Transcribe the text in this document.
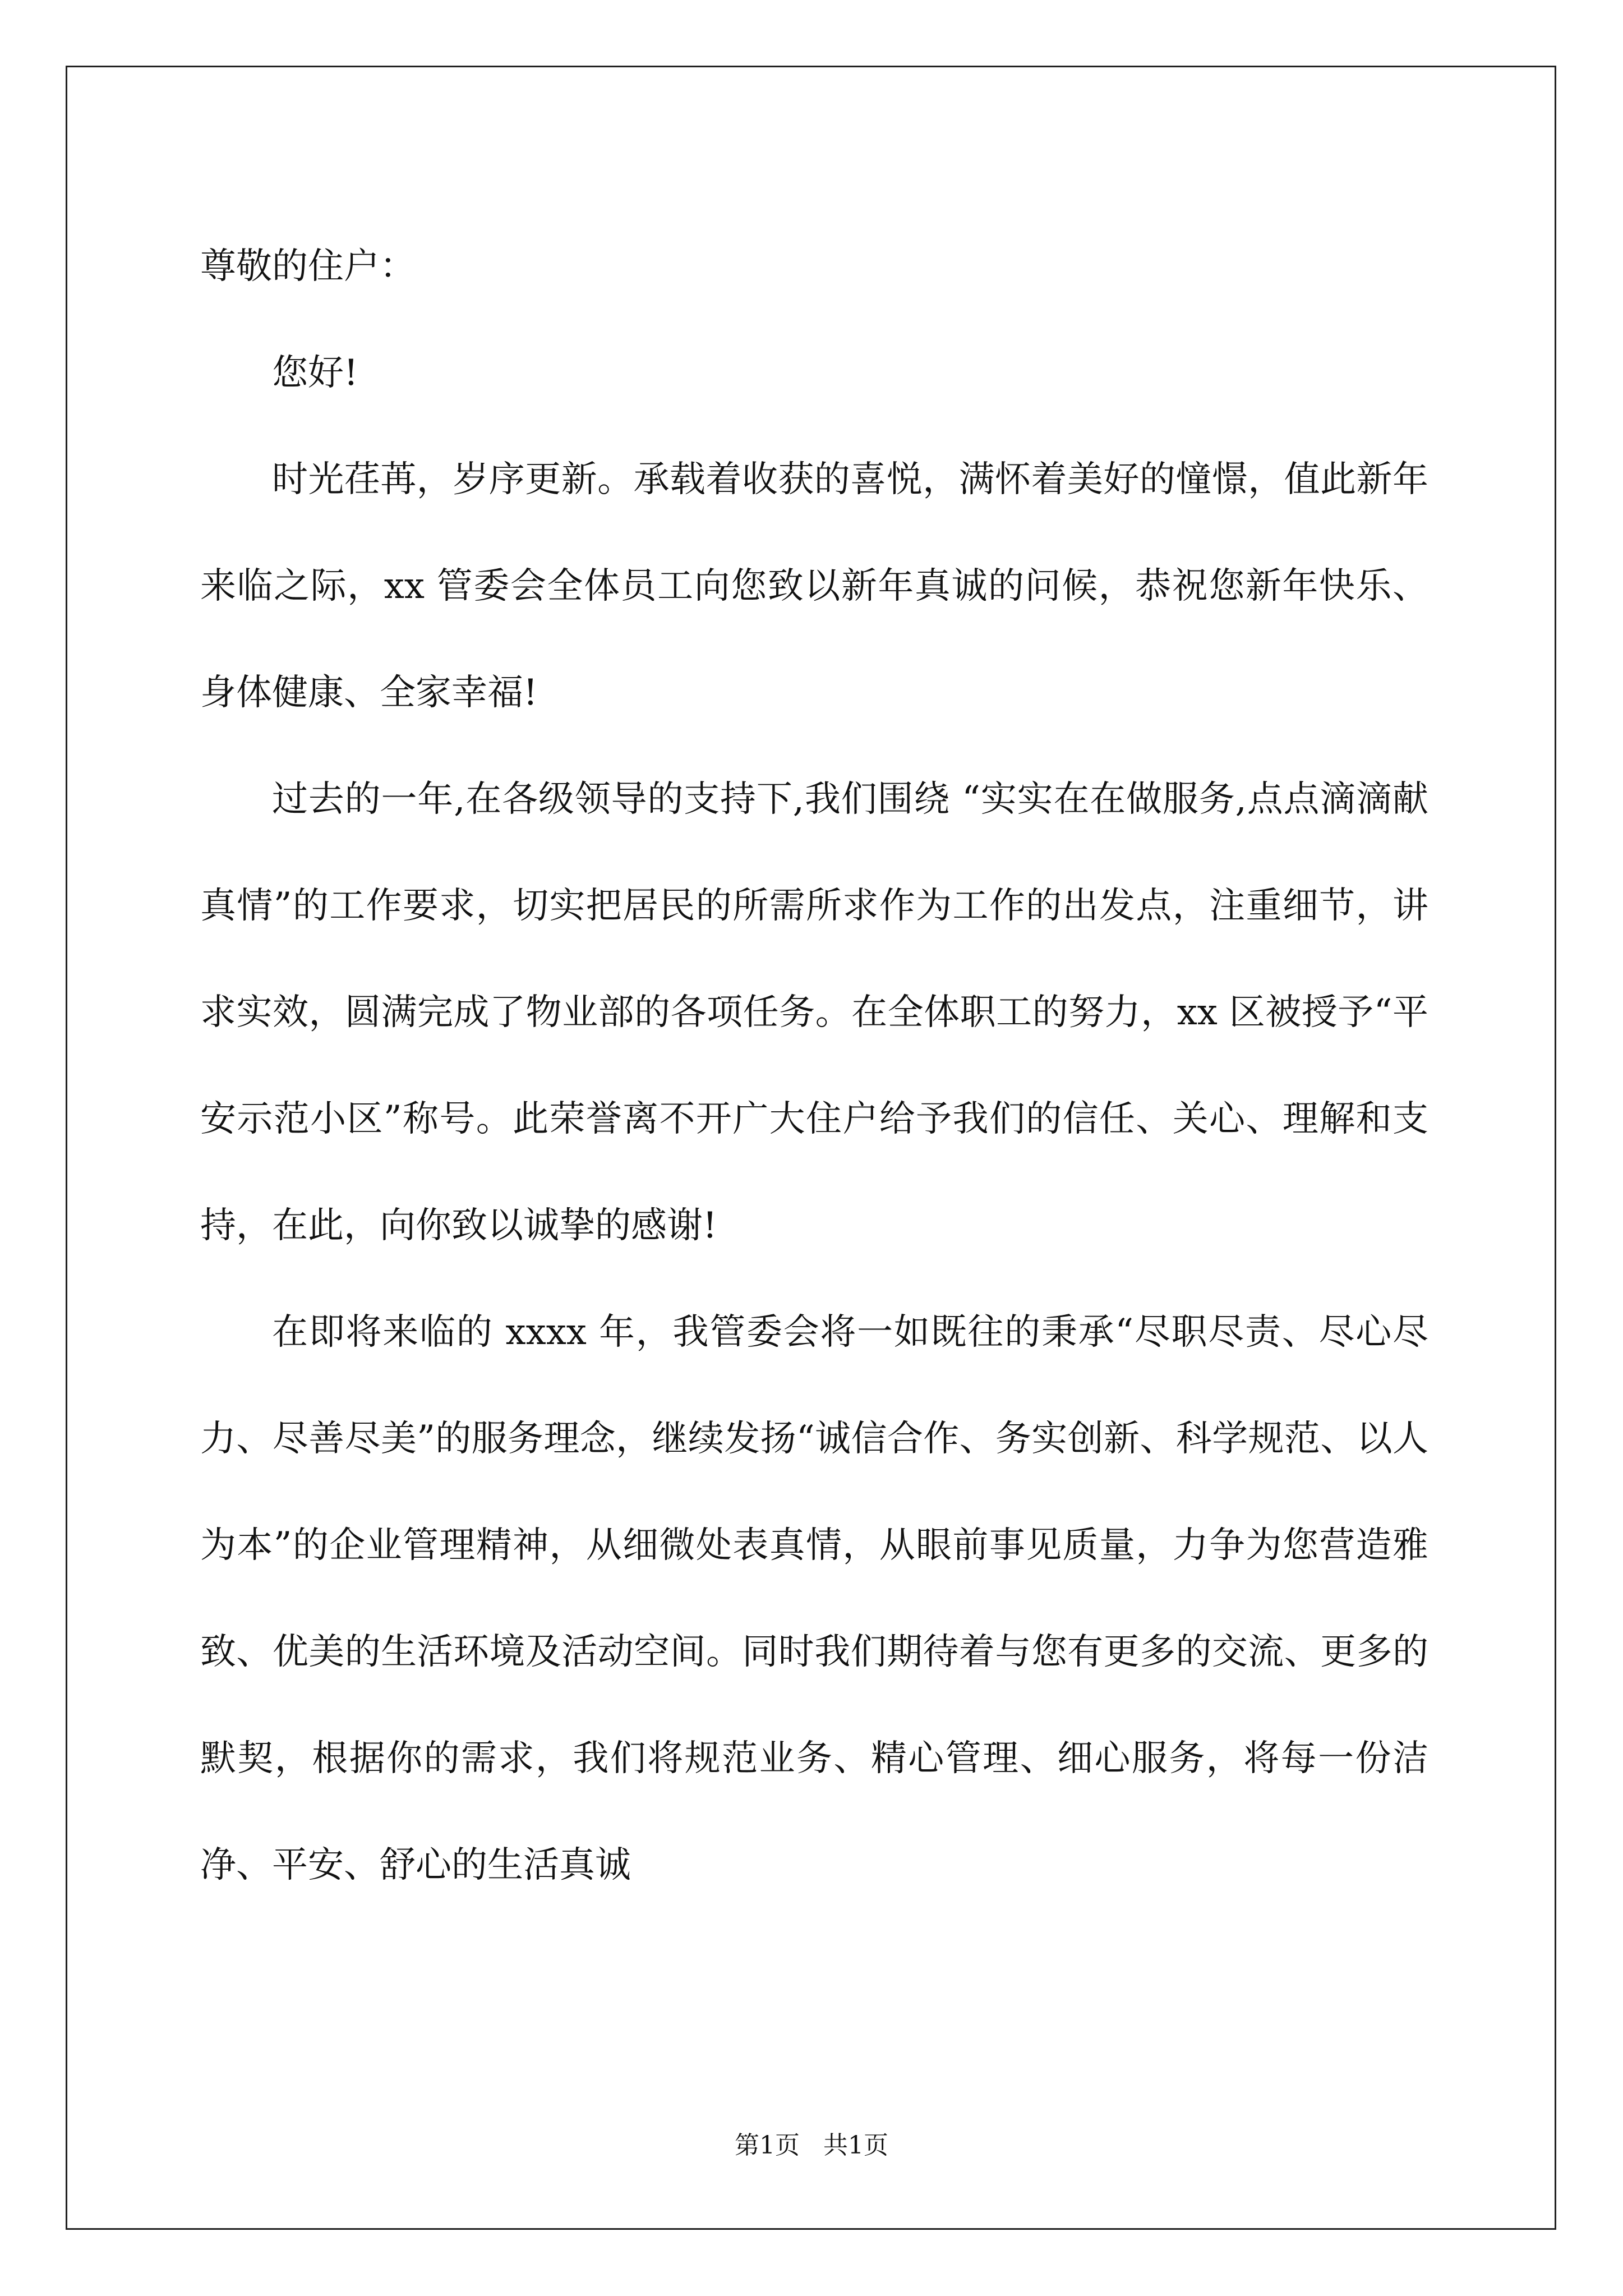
尊敬的住户：

您好!

时光荏苒，岁序更新。承载着收获的喜悦，满怀着美好的憧憬，值此新年来临之际，xx 管委会全体员工向您致以新年真诚的问候，恭祝您新年快乐、身体健康、全家幸福!

过去的一年,在各级领导的支持下,我们围绕 “实实在在做服务,点点滴滴献真情”的工作要求，切实把居民的所需所求作为工作的出发点，注重细节，讲求实效，圆满完成了物业部的各项任务。在全体职工的努力，xx 区被授予“平安示范小区”称号。此荣誉离不开广大住户给予我们的信任、关心、理解和支持，在此，向你致以诚挚的感谢!

在即将来临的 xxxx 年，我管委会将一如既往的秉承“尽职尽责、尽心尽力、尽善尽美”的服务理念，继续发扬“诚信合作、务实创新、科学规范、以人为本”的企业管理精神，从细微处表真情，从眼前事见质量，力争为您营造雅致、优美的生活环境及活动空间。同时我们期待着与您有更多的交流、更多的默契，根据你的需求，我们将规范业务、精心管理、细心服务，将每一份洁净、平安、舒心的生活真诚

第1页   共1页
